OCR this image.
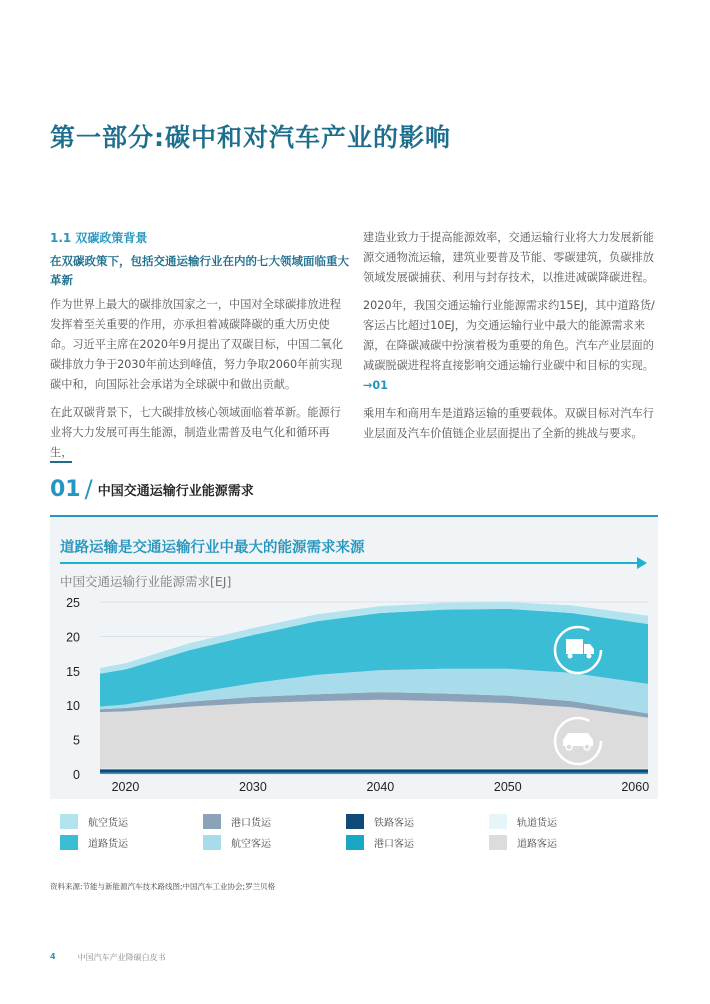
第一部分:碳中和对汽车产业的影响
1.1 双碳政策背景
在双碳政策下，包括交通运输行业在内的七大领域面临重大革新

作为世界上最大的碳排放国家之一，中国对全球碳排放进程发挥着至关重要的作用，亦承担着减碳降碳的重大历史使命。习近平主席在2020年9月提出了双碳目标，中国二氧化碳排放力争于2030年前达到峰值，努力争取2060年前实现碳中和，向国际社会承诺为全球碳中和做出贡献。

在此双碳背景下，七大碳排放核心领域面临着革新。能源行业将大力发展可再生能源，制造业需普及电气化和循环再生，

建造业致力于提高能源效率，交通运输行业将大力发展新能源交通物流运输，建筑业要普及节能、零碳建筑，负碳排放领域发展碳捕获、利用与封存技术，以推进减碳降碳进程。

2020年，我国交通运输行业能源需求约15EJ，其中道路货/客运占比超过10EJ，为交通运输行业中最大的能源需求来源，在降碳减碳中扮演着极为重要的角色。汽车产业层面的减碳脱碳进程将直接影响交通运输行业碳中和目标的实现。 →01

乘用车和商用车是道路运输的重要载体。双碳目标对汽车行业层面及汽车价值链企业层面提出了全新的挑战与要求。

01 / 中国交通运输行业能源需求
道路运输是交通运输行业中最大的能源需求来源
中国交通运输行业能源需求[EJ]
0
5
10
15
20
25
2020	2030	2040	2050	2060
航空货运	港口货运	铁路客运	轨道货运
道路货运	航空客运	港口客运	道路客运
资料来源:节能与新能源汽车技术路线图;中国汽车工业协会;罗兰贝格
4	中国汽车产业降碳白皮书
